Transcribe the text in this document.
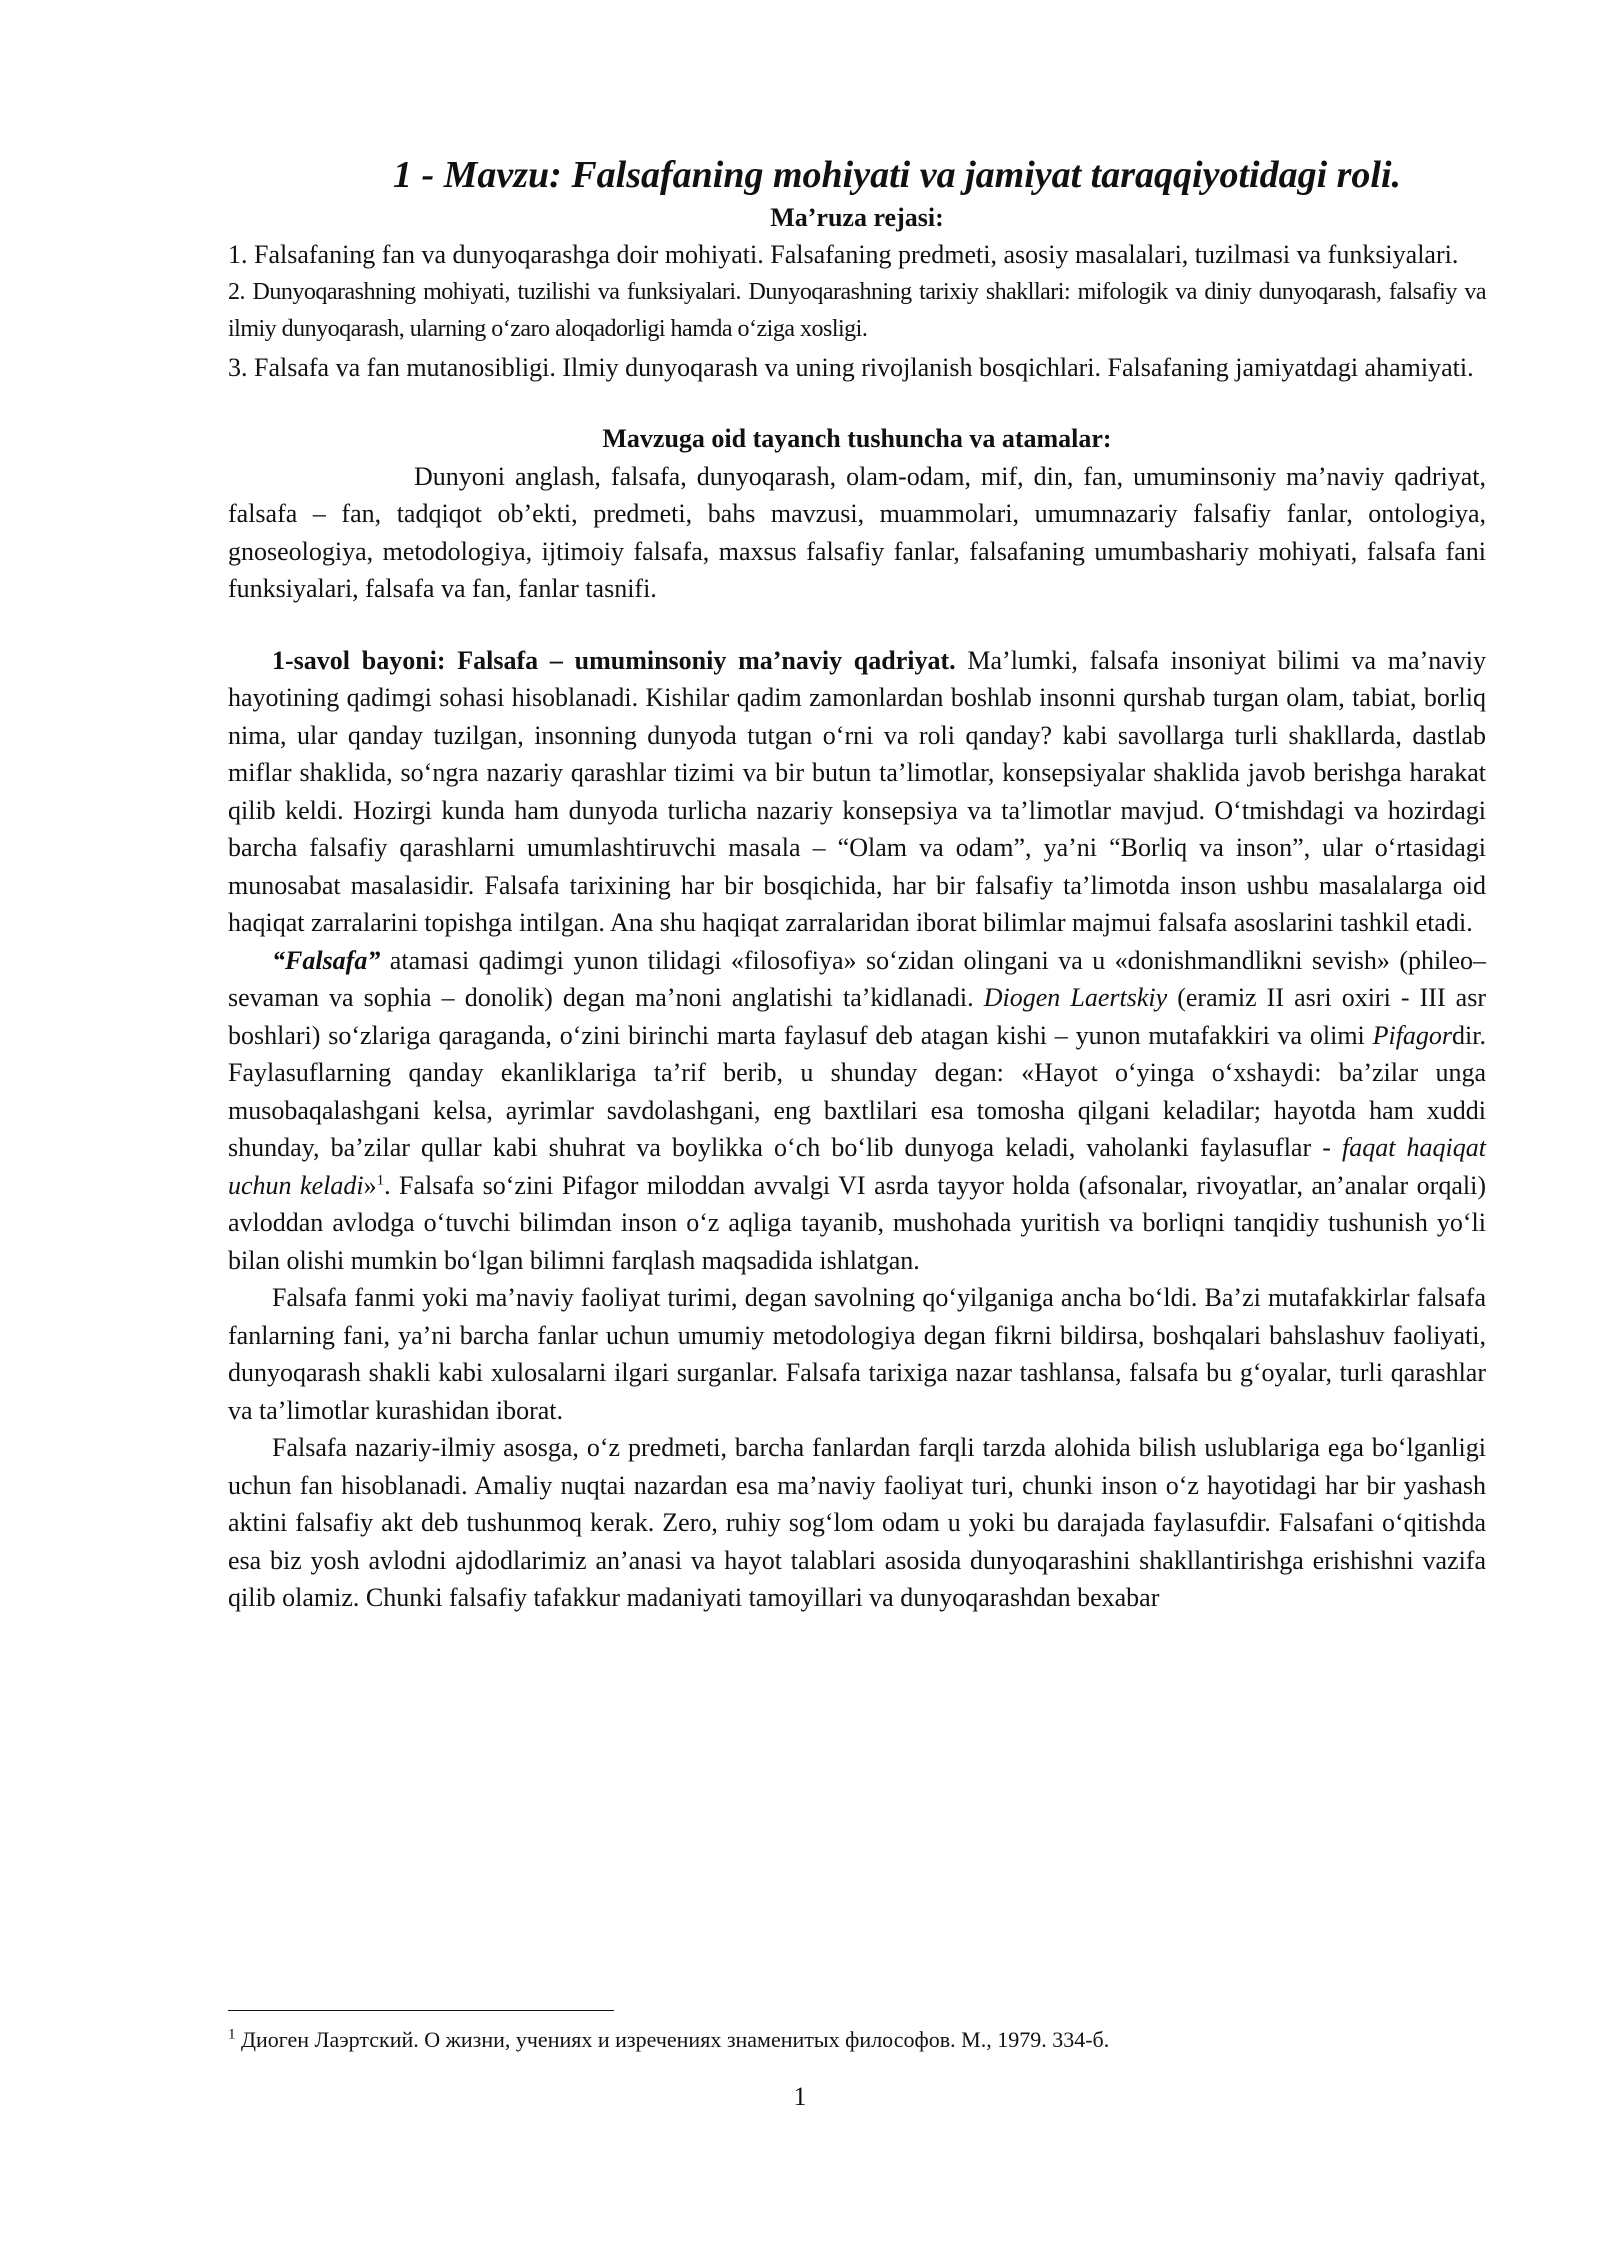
1 - Mavzu: Falsafaning mohiyati va jamiyat taraqqiyotidagi roli.

Ma’ruza rejasi:

1. Falsafaning fan va dunyoqarashga doir mohiyati. Falsafaning predmeti, asosiy masalalari, tuzilmasi va funksiyalari.

2. Dunyoqarashning mohiyati, tuzilishi va funksiyalari. Dunyoqarashning tarixiy shakllari: mifologik va diniy dunyoqarash, falsafiy va ilmiy dunyoqarash, ularning o‘zaro aloqadorligi hamda o‘ziga xosligi.

3. Falsafa va fan mutanosibligi. Ilmiy dunyoqarash va uning rivojlanish bosqichlari. Falsafaning jamiyatdagi ahamiyati.

Mavzuga oid tayanch tushuncha va atamalar:

Dunyoni anglash, falsafa, dunyoqarash, olam-odam, mif, din, fan, umuminsoniy ma’naviy qadriyat, falsafa – fan, tadqiqot ob’ekti, predmeti, bahs mavzusi, muammolari, umumnazariy falsafiy fanlar, ontologiya, gnoseologiya, metodologiya, ijtimoiy falsafa, maxsus falsafiy fanlar, falsafaning umumbashariy mohiyati, falsafa fani funksiyalari, falsafa va fan, fanlar tasnifi.

1-savol bayoni: Falsafa – umuminsoniy ma’naviy qadriyat. Ma’lumki, falsafa insoniyat bilimi va ma’naviy hayotining qadimgi sohasi hisoblanadi. Kishilar qadim zamonlardan boshlab insonni qurshab turgan olam, tabiat, borliq nima, ular qanday tuzilgan, insonning dunyoda tutgan o‘rni va roli qanday? kabi savollarga turli shakllarda, dastlab miflar shaklida, so‘ngra nazariy qarashlar tizimi va bir butun ta’limotlar, konsepsiyalar shaklida javob berishga harakat qilib keldi. Hozirgi kunda ham dunyoda turlicha nazariy konsepsiya va ta’limotlar mavjud. O‘tmishdagi va hozirdagi barcha falsafiy qarashlarni umumlashtiruvchi masala – “Olam va odam”, ya’ni “Borliq va inson”, ular o‘rtasidagi munosabat masalasidir. Falsafa tarixining har bir bosqichida, har bir falsafiy ta’limotda inson ushbu masalalarga oid haqiqat zarralarini topishga intilgan. Ana shu haqiqat zarralaridan iborat bilimlar majmui falsafa asoslarini tashkil etadi.

“Falsafa” atamasi qadimgi yunon tilidagi «filosofiya» so‘zidan olingani va u «donishmandlikni sevish» (phileo– sevaman va sophia – donolik) degan ma’noni anglatishi ta’kidlanadi. Diogen Laertskiy (eramiz II asri oxiri - III asr boshlari) so‘zlariga qaraganda, o‘zini birinchi marta faylasuf deb atagan kishi – yunon mutafakkiri va olimi Pifagordir. Faylasuflarning qanday ekanliklariga ta’rif berib, u shunday degan: «Hayot o‘yinga o‘xshaydi: ba’zilar unga musobaqalashgani kelsa, ayrimlar savdolashgani, eng baxtlilari esa tomosha qilgani keladilar; hayotda ham xuddi shunday, ba’zilar qullar kabi shuhrat va boylikka o‘ch bo‘lib dunyoga keladi, vaholanki faylasuflar - faqat haqiqat uchun keladi»$^1$. Falsafa so‘zini Pifagor miloddan avvalgi VI asrda tayyor holda (afsonalar, rivoyatlar, an’analar orqali) avloddan avlodga o‘tuvchi bilimdan inson o‘z aqliga tayanib, mushohada yuritish va borliqni tanqidiy tushunish yo‘li bilan olishi mumkin bo‘lgan bilimni farqlash maqsadida ishlatgan.

Falsafa fanmi yoki ma’naviy faoliyat turimi, degan savolning qo‘yilganiga ancha bo‘ldi. Ba’zi mutafakkirlar falsafa fanlarning fani, ya’ni barcha fanlar uchun umumiy metodologiya degan fikrni bildirsa, boshqalari bahslashuv faoliyati, dunyoqarash shakli kabi xulosalarni ilgari surganlar. Falsafa tarixiga nazar tashlansa, falsafa bu g‘oyalar, turli qarashlar va ta’limotlar kurashidan iborat.

Falsafa nazariy-ilmiy asosga, o‘z predmeti, barcha fanlardan farqli tarzda alohida bilish uslublariga ega bo‘lganligi uchun fan hisoblanadi. Amaliy nuqtai nazardan esa ma’naviy faoliyat turi, chunki inson o‘z hayotidagi har bir yashash aktini falsafiy akt deb tushunmoq kerak. Zero, ruhiy sog‘lom odam u yoki bu darajada faylasufdir. Falsafani o‘qitishda esa biz yosh avlodni ajdodlarimiz an’anasi va hayot talablari asosida dunyoqarashini shakllantirishga erishishni vazifa qilib olamiz. Chunki falsafiy tafakkur madaniyati tamoyillari va dunyoqarashdan bexabar

$^1$ Диоген Лаэртский. О жизни, учениях и изречениях знаменитых философов. М., 1979. 334-б.
1
